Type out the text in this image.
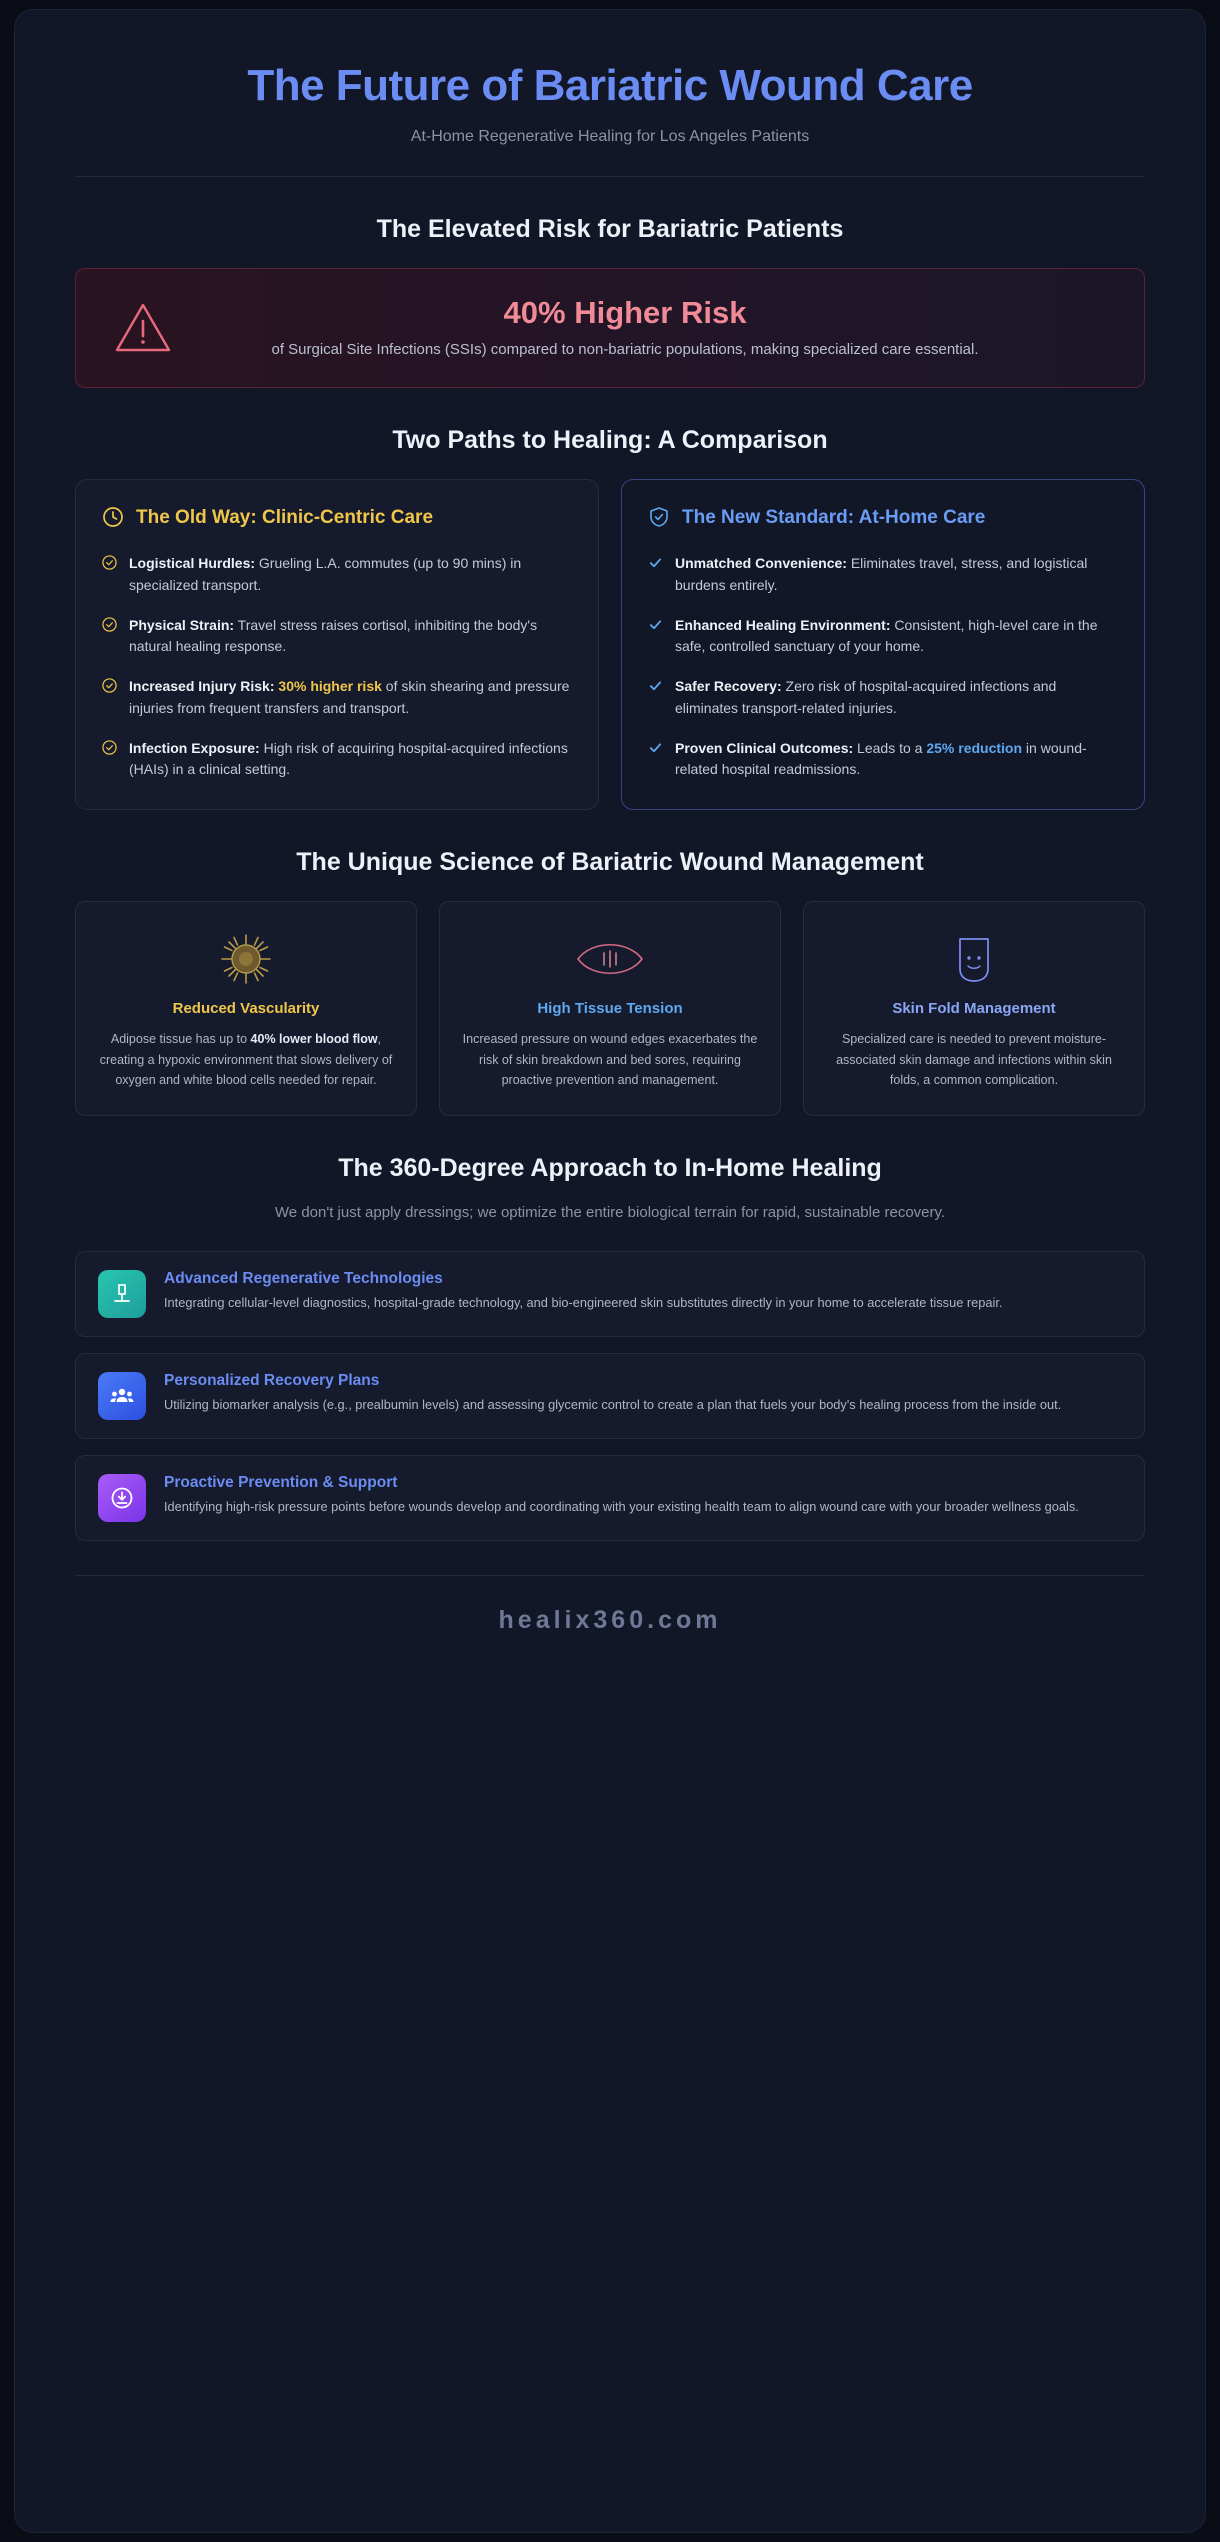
The Future of Bariatric Wound Care
At-Home Regenerative Healing for Los Angeles Patients
The Elevated Risk for Bariatric Patients
40% Higher Risk
of Surgical Site Infections (SSIs) compared to non-bariatric populations, making specialized care essential.
Two Paths to Healing: A Comparison
The Old Way: Clinic-Centric Care
Logistical Hurdles: Grueling L.A. commutes (up to 90 mins) in specialized transport.
Physical Strain: Travel stress raises cortisol, inhibiting the body's natural healing response.
Increased Injury Risk: 30% higher risk of skin shearing and pressure injuries from frequent transfers and transport.
Infection Exposure: High risk of acquiring hospital-acquired infections (HAIs) in a clinical setting.
The New Standard: At-Home Care
Unmatched Convenience: Eliminates travel, stress, and logistical burdens entirely.
Enhanced Healing Environment: Consistent, high-level care in the safe, controlled sanctuary of your home.
Safer Recovery: Zero risk of hospital-acquired infections and eliminates transport-related injuries.
Proven Clinical Outcomes: Leads to a 25% reduction in wound-related hospital readmissions.
The Unique Science of Bariatric Wound Management
Reduced Vascularity
Adipose tissue has up to 40% lower blood flow, creating a hypoxic environment that slows delivery of oxygen and white blood cells needed for repair.
High Tissue Tension
Increased pressure on wound edges exacerbates the risk of skin breakdown and bed sores, requiring proactive prevention and management.
Skin Fold Management
Specialized care is needed to prevent moisture-associated skin damage and infections within skin folds, a common complication.
The 360-Degree Approach to In-Home Healing
We don't just apply dressings; we optimize the entire biological terrain for rapid, sustainable recovery.
Advanced Regenerative Technologies
Integrating cellular-level diagnostics, hospital-grade technology, and bio-engineered skin substitutes directly in your home to accelerate tissue repair.
Personalized Recovery Plans
Utilizing biomarker analysis (e.g., prealbumin levels) and assessing glycemic control to create a plan that fuels your body's healing process from the inside out.
Proactive Prevention & Support
Identifying high-risk pressure points before wounds develop and coordinating with your existing health team to align wound care with your broader wellness goals.
healix360.com
